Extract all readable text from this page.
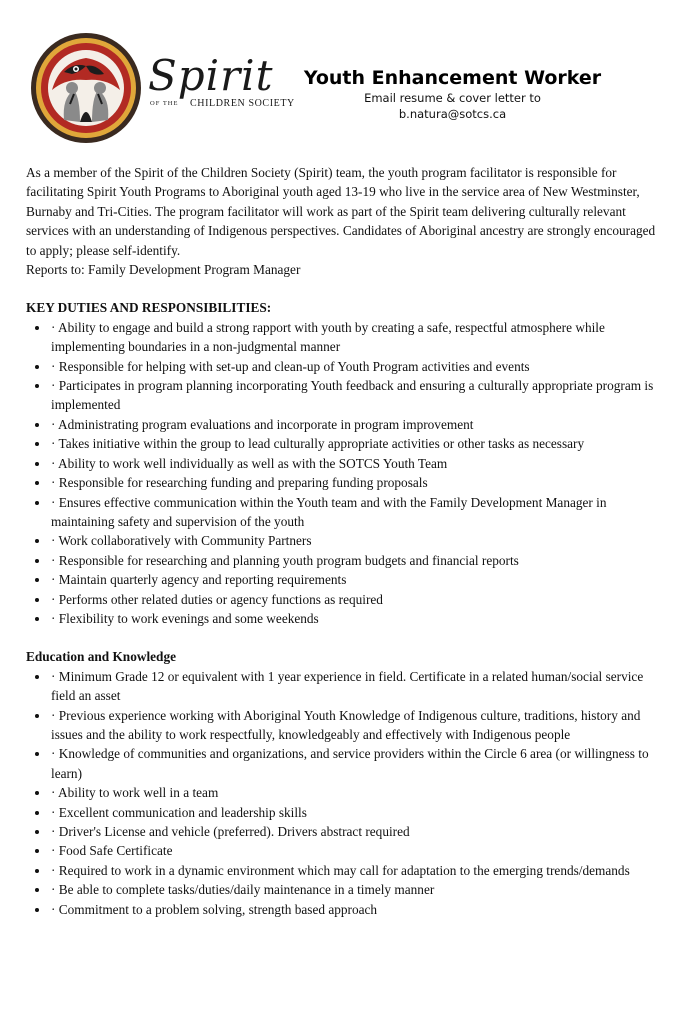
Spirit
OF THE CHILDREN SOCIETY
Youth Enhancement Worker
Email resume & cover letter to
b.natura@sotcs.ca

As a member of the Spirit of the Children Society (Spirit) team, the youth program facilitator is responsible for facilitating Spirit Youth Programs to Aboriginal youth aged 13-19 who live in the service area of New Westminster, Burnaby and Tri-Cities. The program facilitator will work as part of the Spirit team delivering culturally relevant services with an understanding of Indigenous perspectives. Candidates of Aboriginal ancestry are strongly encouraged to apply; please self-identify.

Reports to: Family Development Program Manager

KEY DUTIES AND RESPONSIBILITIES:
• · Ability to engage and build a strong rapport with youth by creating a safe, respectful atmosphere while implementing boundaries in a non-judgmental manner
• · Responsible for helping with set-up and clean-up of Youth Program activities and events
• · Participates in program planning incorporating Youth feedback and ensuring a culturally appropriate program is implemented
• · Administrating program evaluations and incorporate in program improvement
• · Takes initiative within the group to lead culturally appropriate activities or other tasks as necessary
• · Ability to work well individually as well as with the SOTCS Youth Team
• · Responsible for researching funding and preparing funding proposals
• · Ensures effective communication within the Youth team and with the Family Development Manager in maintaining safety and supervision of the youth
• · Work collaboratively with Community Partners
• · Responsible for researching and planning youth program budgets and financial reports
• · Maintain quarterly agency and reporting requirements
• · Performs other related duties or agency functions as required
• · Flexibility to work evenings and some weekends
Education and Knowledge
• · Minimum Grade 12 or equivalent with 1 year experience in field. Certificate in a related human/social service field an asset
• · Previous experience working with Aboriginal Youth Knowledge of Indigenous culture, traditions, history and issues and the ability to work respectfully, knowledgeably and effectively with Indigenous people
• · Knowledge of communities and organizations, and service providers within the Circle 6 area (or willingness to learn)
• · Ability to work well in a team
• · Excellent communication and leadership skills
• · Driver's License and vehicle (preferred). Drivers abstract required
• · Food Safe Certificate
• · Required to work in a dynamic environment which may call for adaptation to the emerging trends/demands
• · Be able to complete tasks/duties/daily maintenance in a timely manner
• · Commitment to a problem solving, strength based approach
